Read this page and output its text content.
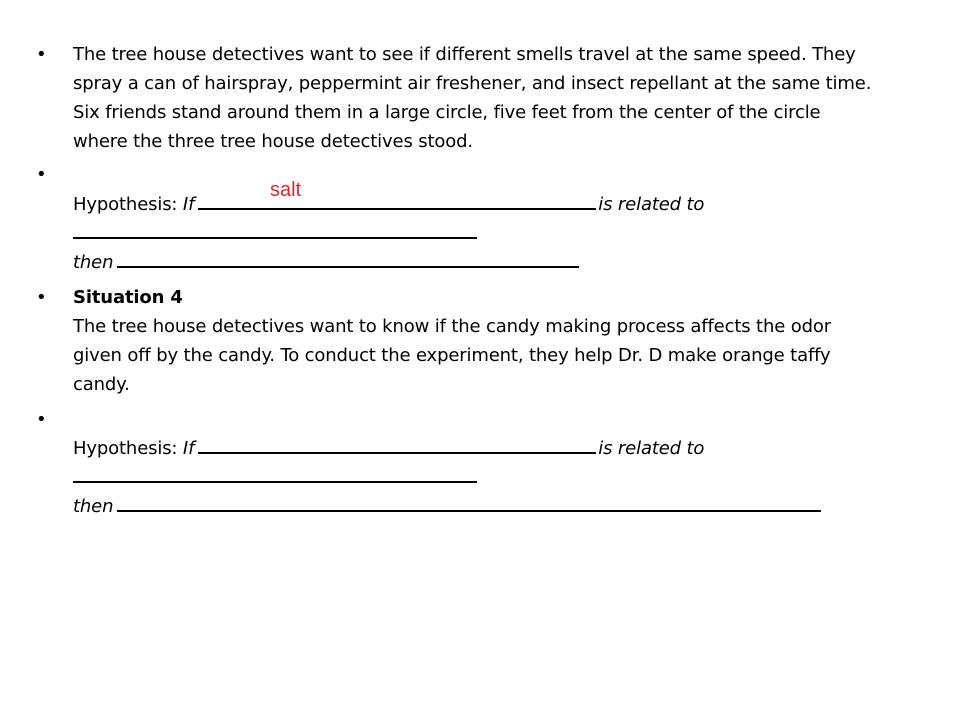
• The tree house detectives want to see if different smells travel at the same speed. They
spray a can of hairspray, peppermint air freshener, and insect repellant at the same time.
Six friends stand around them in a large circle, five feet from the center of the circle
where the three tree house detectives stood.
•
salt
Hypothesis: If	is related to
then
• Situation 4
The tree house detectives want to know if the candy making process affects the odor
given off by the candy. To conduct the experiment, they help Dr. D make orange taffy
candy.
•
Hypothesis: If	is related to
then
